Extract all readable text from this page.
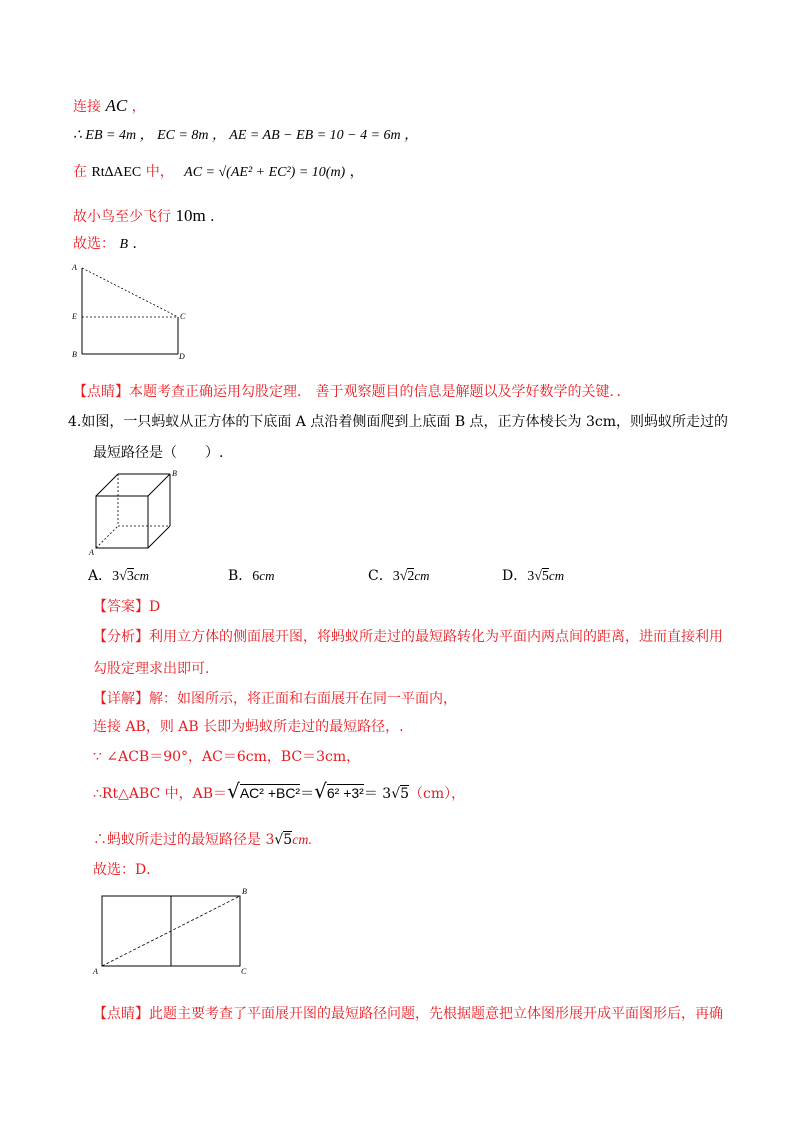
连接 AC ，
∴ EB = 4m ， EC = 8m ， AE = AB − EB = 10 − 4 = 6m ，
在 Rt∆AEC 中， AC = √(AE² + EC²) = 10(m) ，
故小鸟至少飞行 10m ．
故选： B ．
A
E	C
B	D
【点睛】本题考查正确运用勾股定理． 善于观察题目的信息是解题以及学好数学的关键．．
4.如图，一只蚂蚁从正方体的下底面 A 点沿着侧面爬到上底面 B 点，正方体棱长为 3cm，则蚂蚁所走过的
最短路径是（　　）.
B
A
A．3√3cm	B．6cm	C．3√2cm	D．3√5cm
【答案】D
【分析】利用立方体的侧面展开图，将蚂蚁所走过的最短路转化为平面内两点间的距离，进而直接利用
勾股定理求出即可.
【详解】解：如图所示，将正面和右面展开在同一平面内，
连接 AB，则 AB 长即为蚂蚁所走过的最短路径，.
∵ ∠ACB＝90°，AC＝6cm，BC＝3cm，
∴Rt△ABC 中，AB＝√AC² +BC²＝√6² +3²＝ 3√5（cm），
∴蚂蚁所走过的最短路径是 3√5cm.
故选：D．
B
A	C
【点睛】此题主要考查了平面展开图的最短路径问题，先根据题意把立体图形展开成平面图形后，再确
